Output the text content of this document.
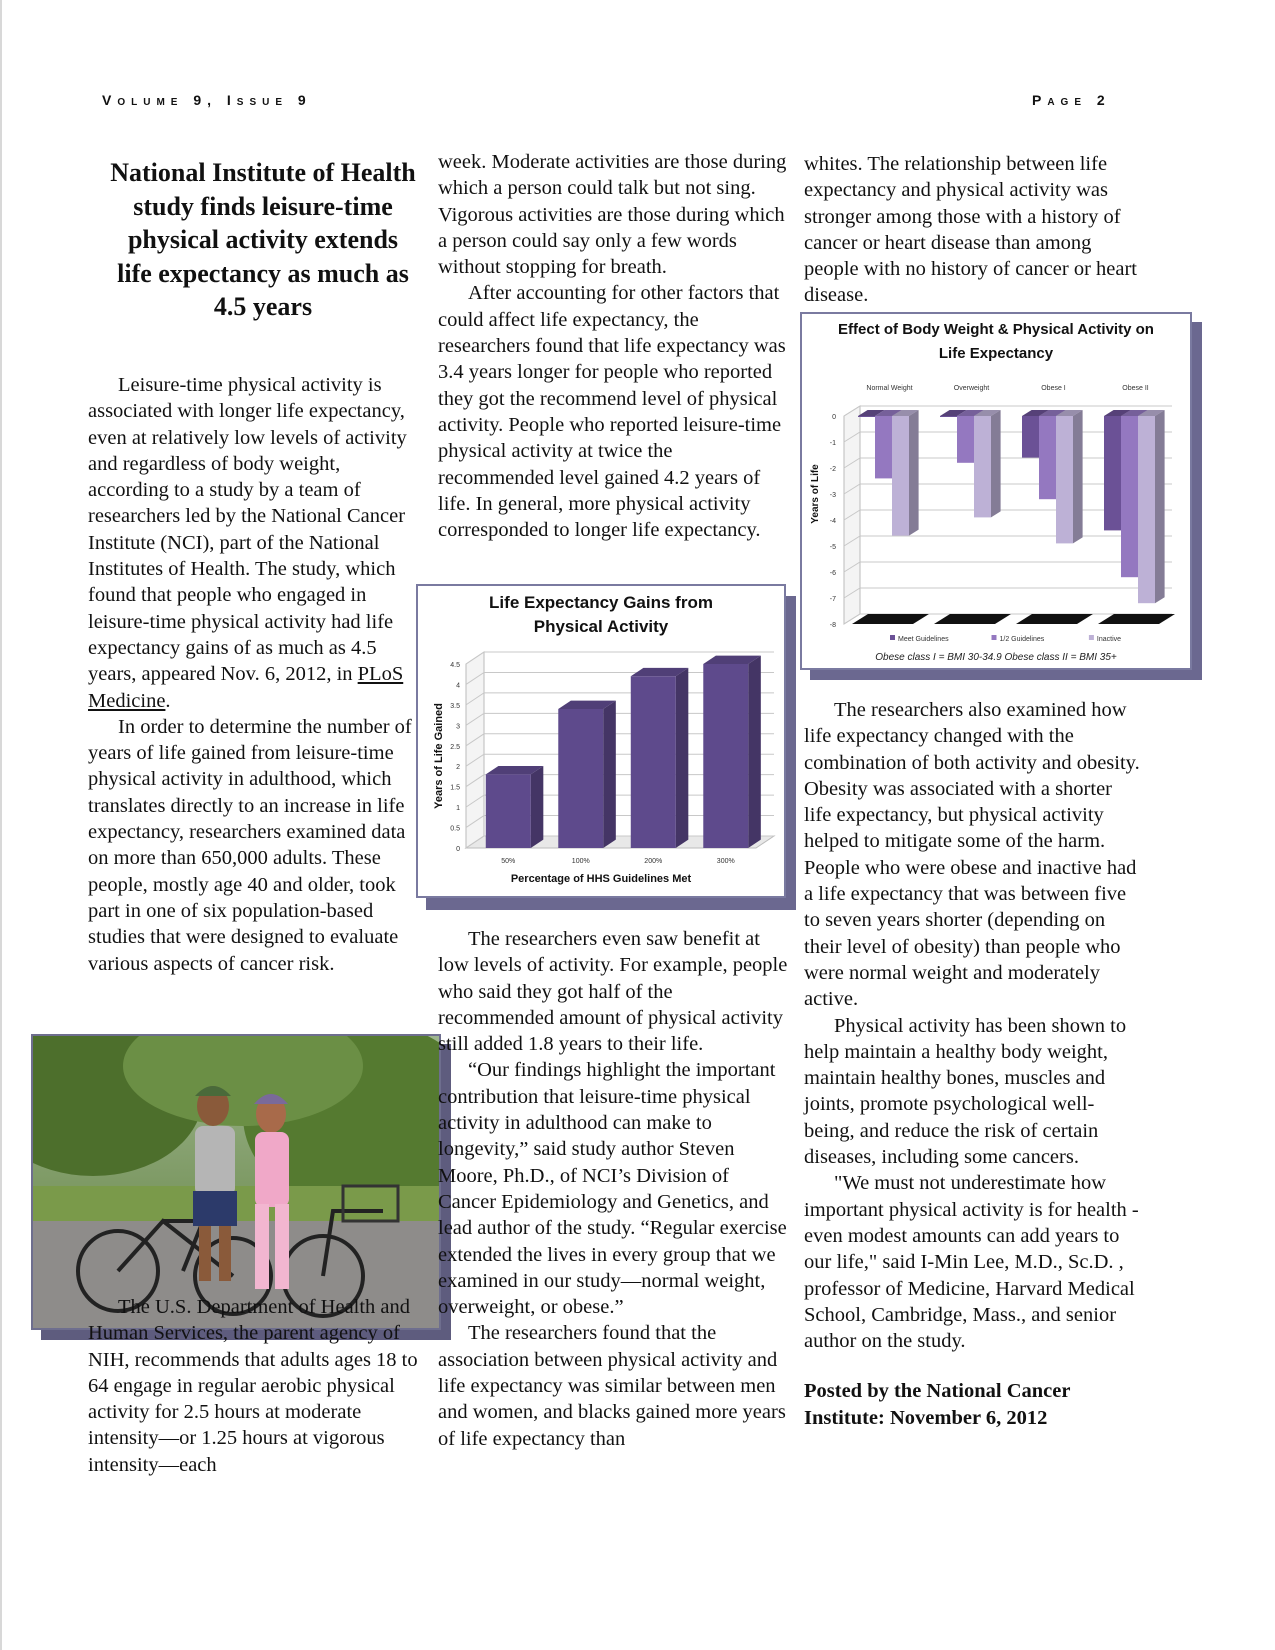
Volume 9, Issue 9	Page 2
National Institute of Health study finds leisure-time physical activity extends life expectancy as much as 4.5 years

Leisure-time physical activity is associated with longer life expectancy, even at relatively low levels of activity and regardless of body weight, according to a study by a team of researchers led by the National Cancer Institute (NCI), part of the National Institutes of Health. The study, which found that people who engaged in leisure-time physical activity had life expectancy gains of as much as 4.5 years, appeared Nov. 6, 2012, in PLoS Medicine.

In order to determine the number of years of life gained from leisure-time physical activity in adulthood, which translates directly to an increase in life expectancy, researchers examined data on more than 650,000 adults. These people, mostly age 40 and older, took part in one of six population-based studies that were designed to evaluate various aspects of cancer risk.

The U.S. Department of Health and Human Services, the parent agency of NIH, recommends that adults ages 18 to 64 engage in regular aerobic physical activity for 2.5 hours at moderate intensity—or 1.25 hours at vigorous intensity—each

week. Moderate activities are those during which a person could talk but not sing. Vigorous activities are those during which a person could say only a few words without stopping for breath.

After accounting for other factors that could affect life expectancy, the researchers found that life expectancy was 3.4 years longer for people who reported they got the recommend level of physical activity. People who reported leisure-time physical activity at twice the recommended level gained 4.2 years of life. In general, more physical activity corresponded to longer life expectancy.

Life Expectancy Gains from
Physical Activity
0
0.5
1
1.5
2
2.5
3
3.5
4
4.5
50%	100%	200%	300%
Percentage of HHS Guidelines Met
Years of Life Gained

The researchers even saw benefit at low levels of activity. For example, people who said they got half of the recommended amount of physical activity still added 1.8 years to their life.

“Our findings highlight the important contribution that leisure-time physical activity in adulthood can make to longevity,” said study author Steven Moore, Ph.D., of NCI’s Division of Cancer Epidemiology and Genetics, and lead author of the study. “Regular exercise extended the lives in every group that we examined in our study—normal weight, overweight, or obese.”

The researchers found that the association between physical activity and life expectancy was similar between men and women, and blacks gained more years of life expectancy than

whites. The relationship between life expectancy and physical activity was stronger among those with a history of cancer or heart disease than among people with no history of cancer or heart disease.

Effect of Body Weight & Physical Activity on
Life Expectancy
0
-1
-2
-3
-4
-5
-6
-7
-8
Normal Weight	Overweight	Obese I	Obese II
Meet Guidelines	1/2 Guidelines	Inactive
Obese class I = BMI 30-34.9 Obese class II = BMI 35+
Years of Life

The researchers also examined how life expectancy changed with the combination of both activity and obesity. Obesity was associated with a shorter life expectancy, but physical activity helped to mitigate some of the harm. People who were obese and inactive had a life expectancy that was between five to seven years shorter (depending on their level of obesity) than people who were normal weight and moderately active.

Physical activity has been shown to help maintain a healthy body weight, maintain healthy bones, muscles and joints, promote psychological well-being, and reduce the risk of certain diseases, including some cancers.

"We must not underestimate how important physical activity is for health - even modest amounts can add years to our life," said I-Min Lee, M.D., Sc.D. , professor of Medicine, Harvard Medical School, Cambridge, Mass., and senior author on the study.

Posted by the National Cancer Institute: November 6, 2012
